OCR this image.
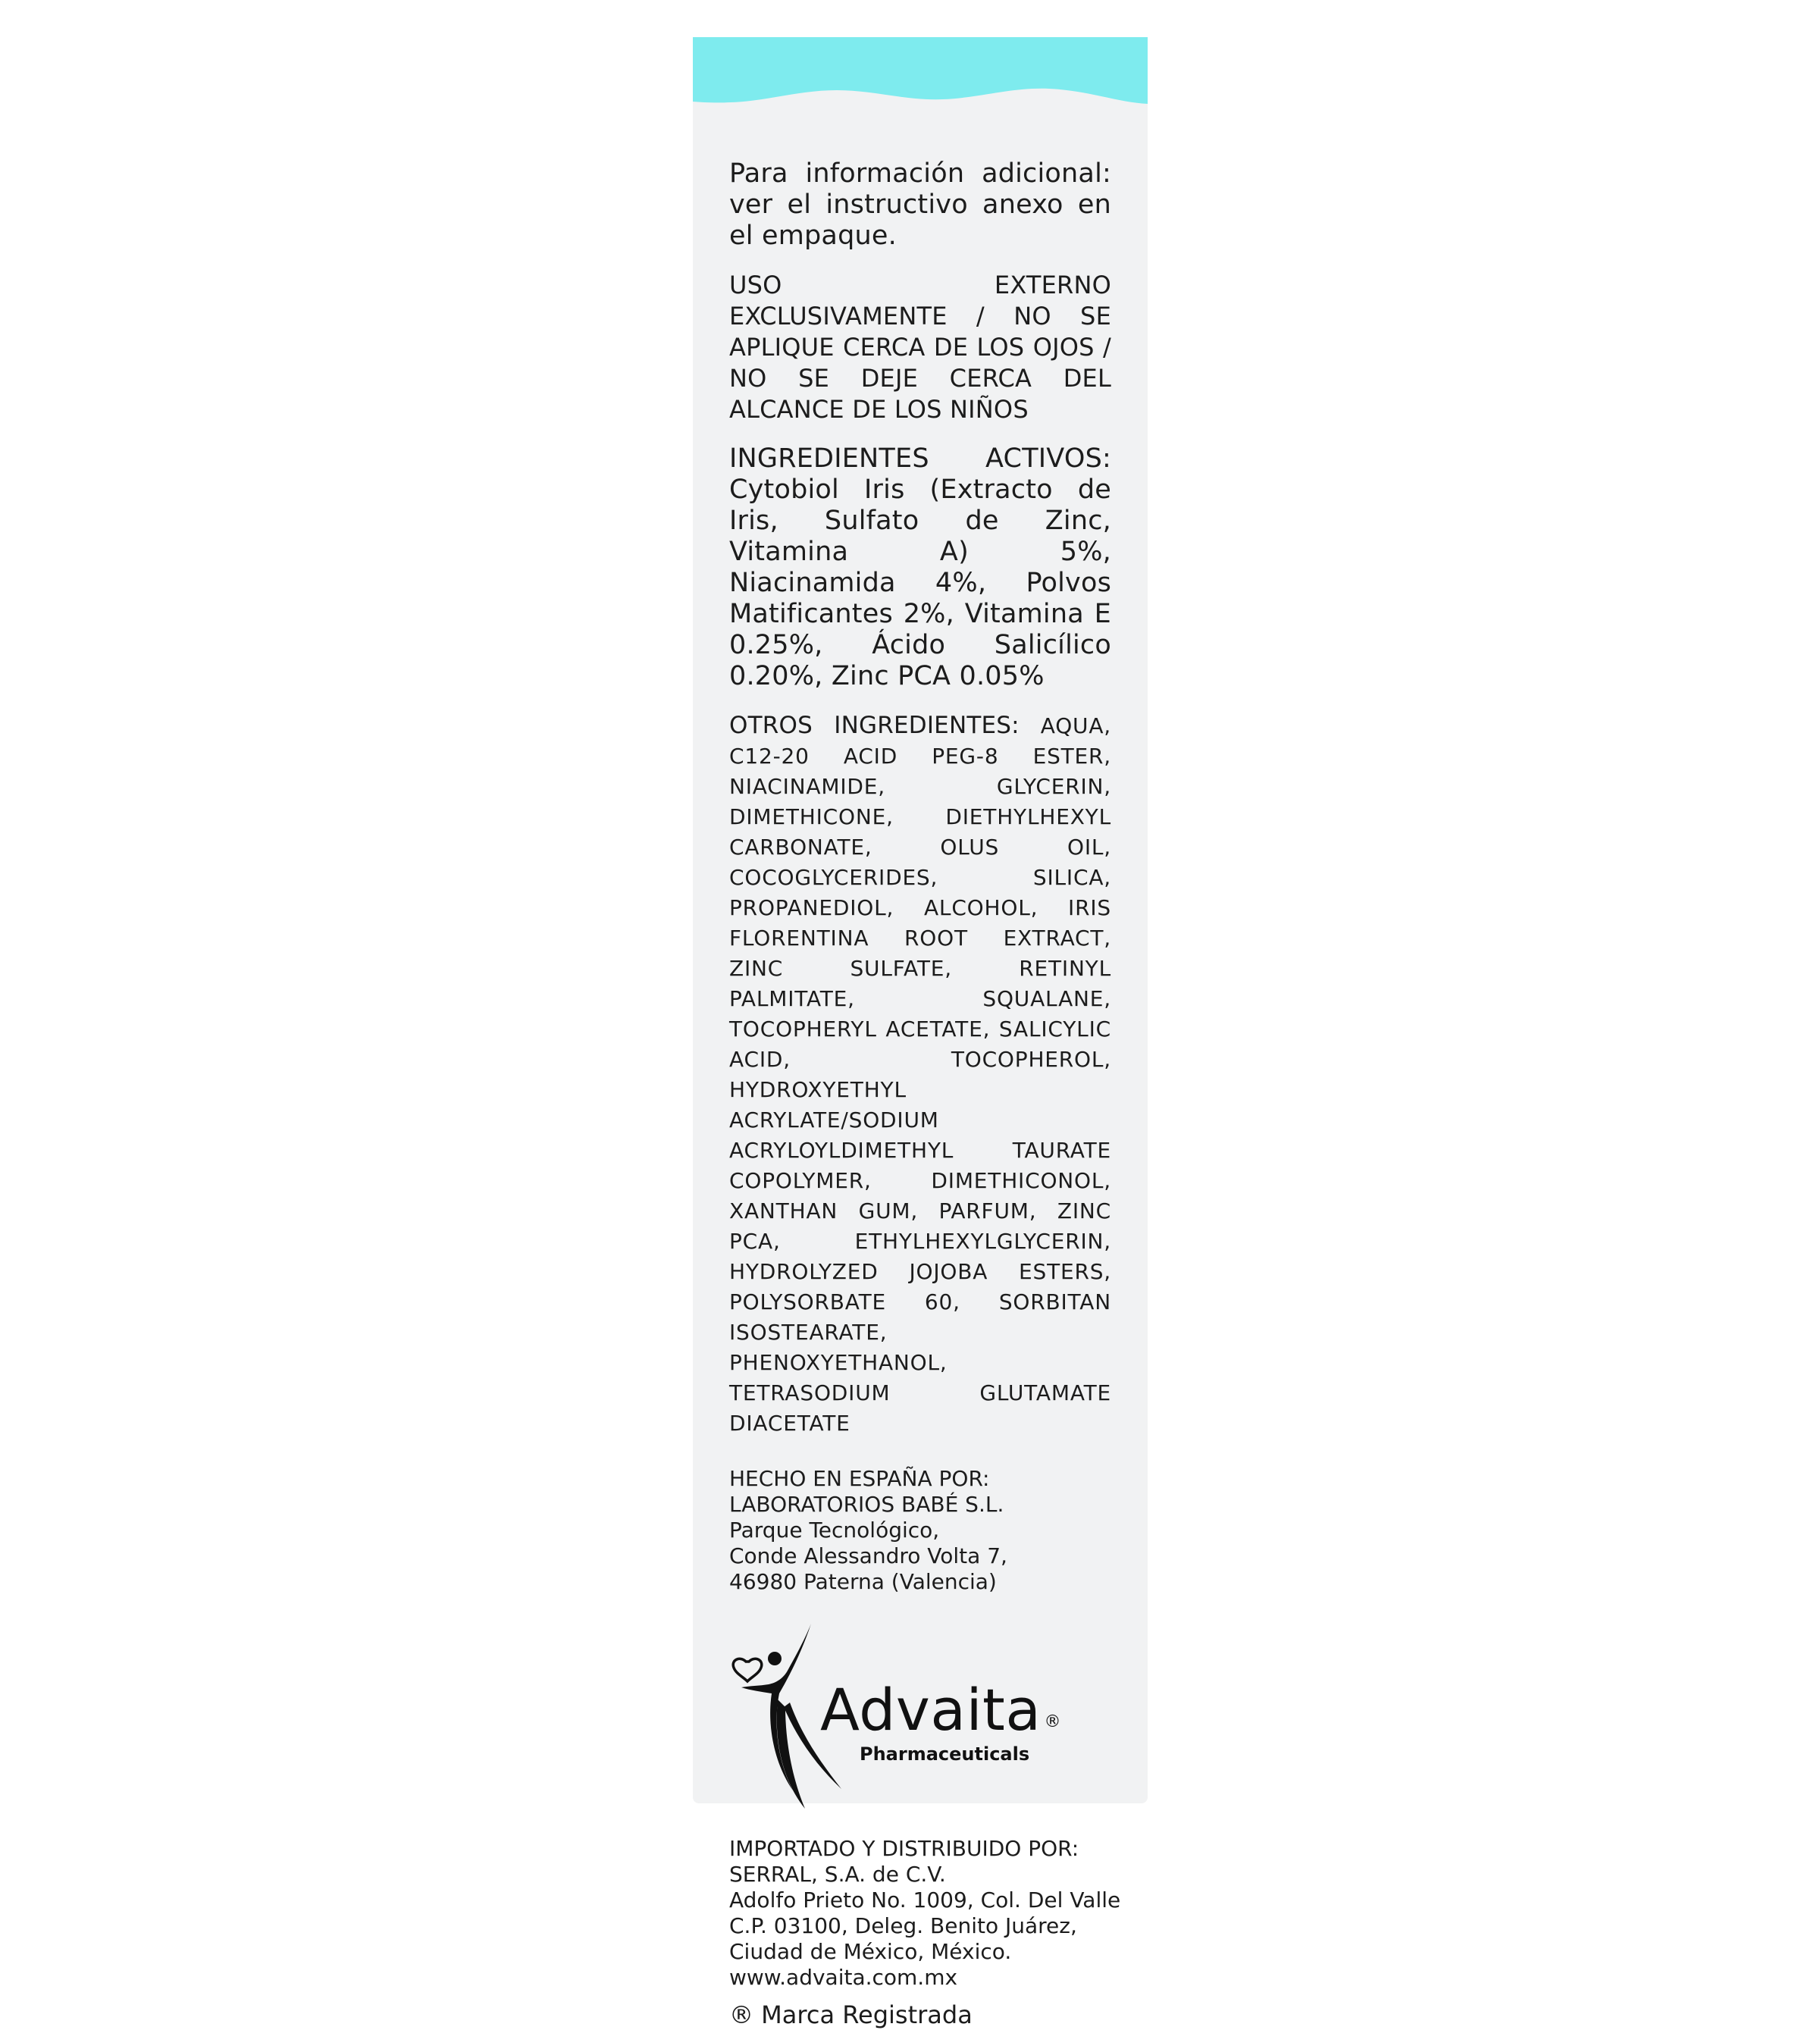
Para información adicional: ver el instructivo anexo en el empaque.

USO EXTERNO EXCLUSIVAMENTE / NO SE APLIQUE CERCA DE LOS OJOS / NO SE DEJE CERCA DEL ALCANCE DE LOS NIÑOS

INGREDIENTES ACTIVOS: Cytobiol Iris (Extracto de Iris, Sulfato de Zinc, Vitamina A) 5%, Niacinamida 4%, Polvos Matificantes 2%, Vitamina E 0.25%, Ácido Salicílico 0.20%, Zinc PCA 0.05%

OTROS INGREDIENTES: AQUA, C12-20 ACID PEG-8 ESTER, NIACINAMIDE, GLYCERIN, DIMETHICONE, DIETHYLHEXYL CARBONATE, OLUS OIL, COCOGLYCERIDES, SILICA, PROPANEDIOL, ALCOHOL, IRIS FLORENTINA ROOT EXTRACT, ZINC SULFATE, RETINYL PALMITATE, SQUALANE, TOCOPHERYL ACETATE, SALICYLIC ACID, TOCOPHEROL, HYDROXYETHYL ACRYLATE/SODIUM ACRYLOYLDIMETHYL TAURATE COPOLYMER, DIMETHICONOL, XANTHAN GUM, PARFUM, ZINC PCA, ETHYLHEXYLGLYCERIN, HYDROLYZED JOJOBA ESTERS, POLYSORBATE 60, SORBITAN ISOSTEARATE, PHENOXYETHANOL, TETRASODIUM GLUTAMATE DIACETATE

HECHO EN ESPAÑA POR:
LABORATORIOS BABÉ S.L.
Parque Tecnológico,
Conde Alessandro Volta 7,
46980 Paterna (Valencia)
Advaita ®
Pharmaceuticals
IMPORTADO Y DISTRIBUIDO POR:
SERRAL, S.A. de C.V.
Adolfo Prieto No. 1009, Col. Del Valle
C.P. 03100, Deleg. Benito Juárez,
Ciudad de México, México.
www.advaita.com.mx
® Marca Registrada
